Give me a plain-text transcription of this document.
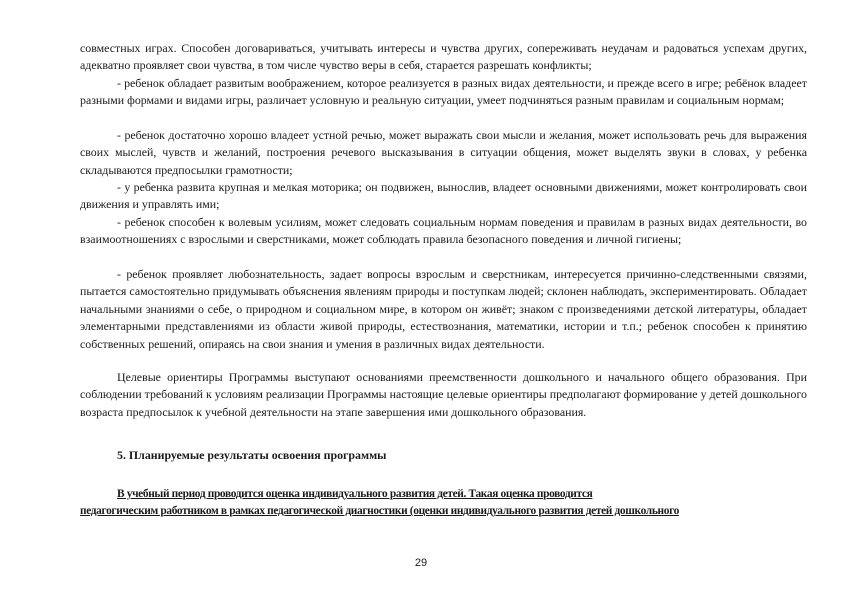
совместных играх. Способен договариваться, учитывать интересы и чувства других, сопереживать неудачам и радоваться успехам других, адекватно проявляет свои чувства, в том числе чувство веры в себя, старается разрешать конфликты;

- ребенок обладает развитым воображением, которое реализуется в разных видах деятельности, и прежде всего в игре; ребёнок владеет разными формами и видами игры, различает условную и реальную ситуации, умеет подчиняться разным правилам и социальным нормам;

- ребенок достаточно хорошо владеет устной речью, может выражать свои мысли и желания, может использовать речь для выражения своих мыслей, чувств и желаний, построения речевого высказывания в ситуации общения, может выделять звуки в словах, у ребенка складываются предпосылки грамотности;

- у ребенка развита крупная и мелкая моторика; он подвижен, вынослив, владеет основными движениями, может контролировать свои движения и управлять ими;

- ребенок способен к волевым усилиям, может следовать социальным нормам поведения и правилам в разных видах деятельности, во взаимоотношениях с взрослыми и сверстниками, может соблюдать правила безопасного поведения и личной гигиены;

- ребенок проявляет любознательность, задает вопросы взрослым и сверстникам, интересуется причинно-следственными связями, пытается самостоятельно придумывать объяснения явлениям природы и поступкам людей; склонен наблюдать, экспериментировать. Обладает начальными знаниями о себе, о природном и социальном мире, в котором он живёт; знаком с произведениями детской литературы, обладает элементарными представлениями из области живой природы, естествознания, математики, истории и т.п.; ребенок способен к принятию собственных решений, опираясь на свои знания и умения в различных видах деятельности.

Целевые ориентиры Программы выступают основаниями преемственности дошкольного и начального общего образования. При соблюдении требований к условиям реализации Программы настоящие целевые ориентиры предполагают формирование у детей дошкольного возраста предпосылок к учебной деятельности на этапе завершения ими дошкольного образования.

5. Планируемые результаты освоения программы

В учебный период проводится оценка индивидуального развития детей. Такая оценка проводится

педагогическим работником в рамках педагогической диагностики (оценки индивидуального развития детей дошкольного

29
